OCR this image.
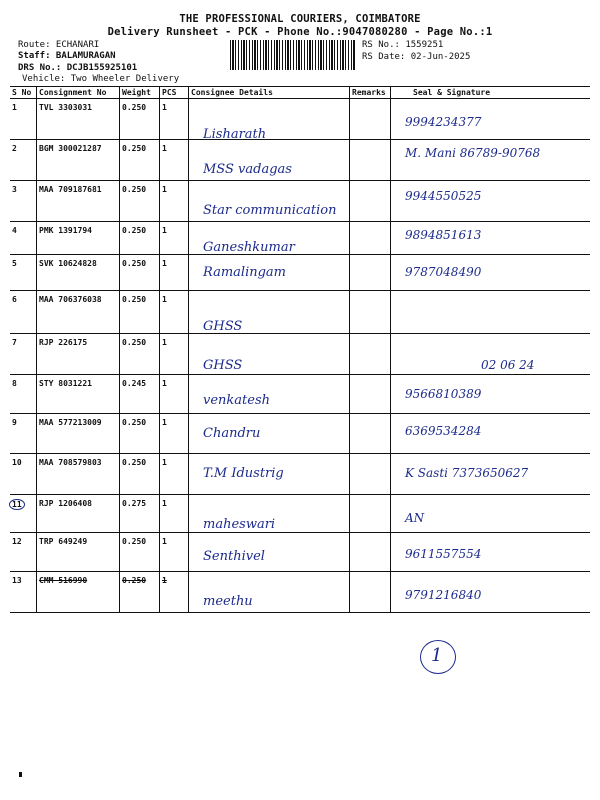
THE PROFESSIONAL COURIERS, COIMBATORE
Delivery Runsheet - PCK - Phone No.:9047080280 - Page No.:1
Route: ECHANARI
Staff: BALAMURAGAN
DRS No.: DCJB155925101
Vehicle: Two Wheeler Delivery
RS No.: 1559251
RS Date: 02-Jun-2025
S No	Consignment No	Weight	PCS	Consignee Details	Remarks	Seal & Signature
1	TVL 3303031	0.250	1	Lisharath		9994234377

2	BGM 300021287	0.250	1	MSS vadagas		M. Mani 86789-90768

3	MAA 709187681	0.250	1	Star communication		9944550525

4	PMK 1391794	0.250	1	Ganeshkumar		9894851613

5	SVK 10624828	0.250	1	Ramalingam		9787048490

6	MAA 706376038	0.250	1	GHSS		

7	RJP 226175	0.250	1	GHSS		02 06 24

8	STY 8031221	0.245	1	venkatesh		9566810389

9	MAA 577213009	0.250	1	Chandru		6369534284

10	MAA 708579803	0.250	1	T.M Idustrig		K Sasti 7373650627

11	RJP 1206408	0.275	1	maheswari		AN

12	TRP 649249	0.250	1	Senthivel		9611557554

13	CMM 516990	0.250	1	meethu		9791216840
1
